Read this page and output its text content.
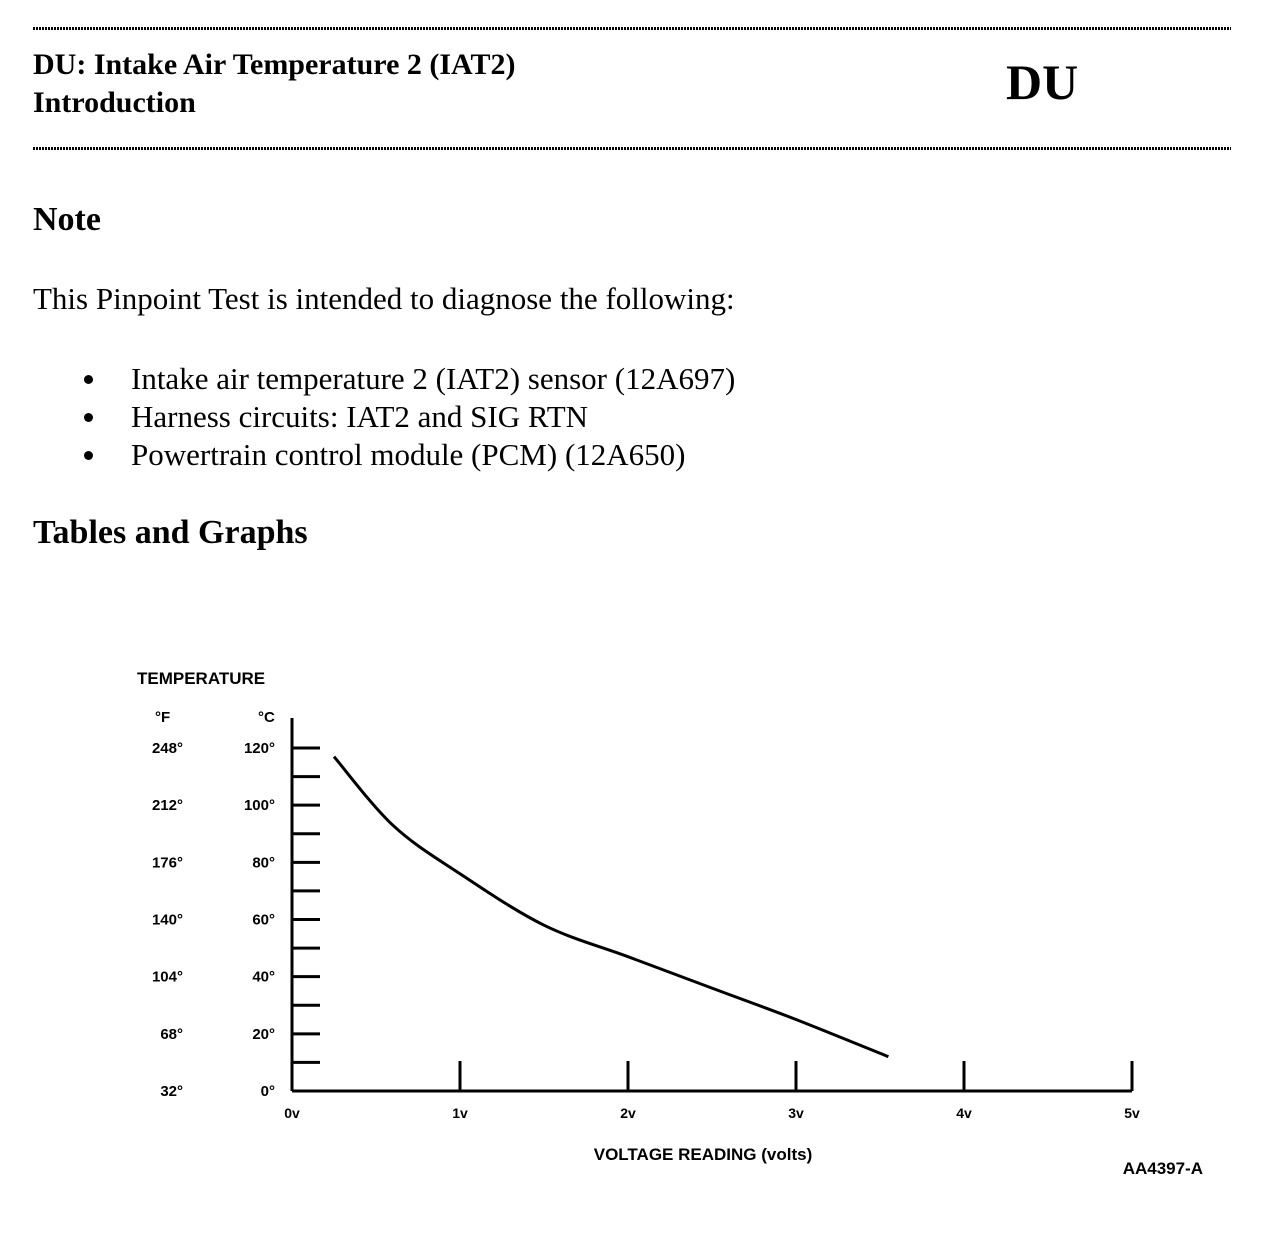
DU: Intake Air Temperature 2 (IAT2)
Introduction	DU
Note
This Pinpoint Test is intended to diagnose the following:
Intake air temperature 2 (IAT2) sensor (12A697)
Harness circuits: IAT2 and SIG RTN
Powertrain control module (PCM) (12A650)
Tables and Graphs
TEMPERATURE
°F	°C
32°	0°
68°	20°
104°	40°
140°	60°
176°	80°
212°	100°
248°	120°
0v	1v	2v	3v	4v	5v
VOLTAGE READING (volts)
AA4397-A
